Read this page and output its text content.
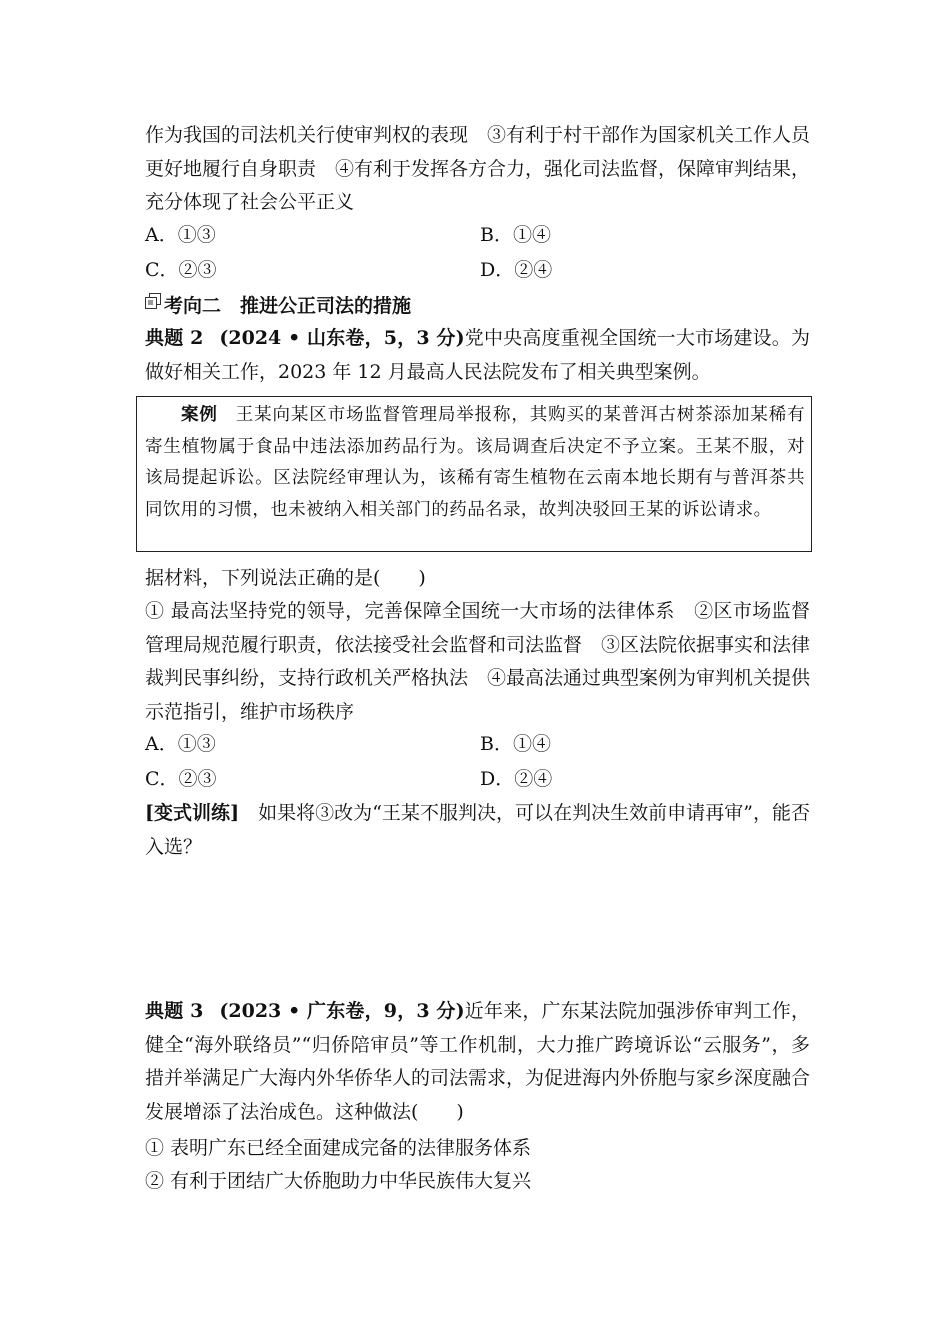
作为我国的司法机关行使审判权的表现　③有利于村干部作为国家机关工作人员更好地履行自身职责　④有利于发挥各方合力，强化司法监督，保障审判结果，充分体现了社会公平正义
A．①③	B．①④
C．②③	D．②④
考向二　推进公正司法的措施
典题 2 (2024 • 山东卷，5，3 分)党中央高度重视全国统一大市场建设。为做好相关工作，2023 年 12 月最高人民法院发布了相关典型案例。
案例 王某向某区市场监督管理局举报称，其购买的某普洱古树茶添加某稀有寄生植物属于食品中违法添加药品行为。该局调查后决定不予立案。王某不服，对该局提起诉讼。区法院经审理认为，该稀有寄生植物在云南本地长期有与普洱茶共同饮用的习惯，也未被纳入相关部门的药品名录，故判决驳回王某的诉讼请求。
据材料，下列说法正确的是(　　)
① 最高法坚持党的领导，完善保障全国统一大市场的法律体系　②区市场监督管理局规范履行职责，依法接受社会监督和司法监督　③区法院依据事实和法律裁判民事纠纷，支持行政机关严格执法　④最高法通过典型案例为审判机关提供示范指引，维护市场秩序
A．①③	B．①④
C．②③	D．②④
[变式训练]　如果将③改为“王某不服判决，可以在判决生效前申请再审”，能否入选？
典题 3 (2023 • 广东卷，9，3 分)近年来，广东某法院加强涉侨审判工作，健全“海外联络员”“归侨陪审员”等工作机制，大力推广跨境诉讼“云服务”，多措并举满足广大海内外华侨华人的司法需求，为促进海内外侨胞与家乡深度融合发展增添了法治成色。这种做法(　　)
① 表明广东已经全面建成完备的法律服务体系
② 有利于团结广大侨胞助力中华民族伟大复兴
